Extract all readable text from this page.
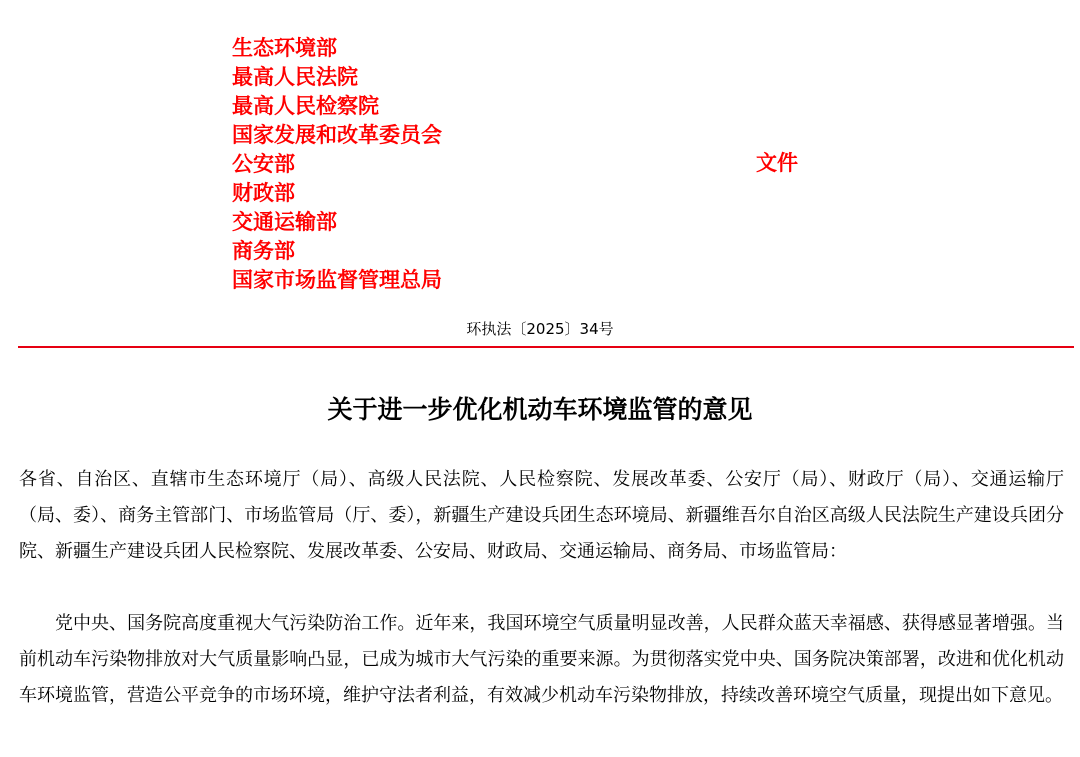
生态环境部
最高人民法院
最高人民检察院
国家发展和改革委员会
公安部
财政部
交通运输部
商务部
国家市场监督管理总局
文件
环执法〔2025〕34号
关于进一步优化机动车环境监管的意见

各省、自治区、直辖市生态环境厅（局）、高级人民法院、人民检察院、发展改革委、公安厅（局）、财政厅（局）、交通运输厅（局、委）、商务主管部门、市场监管局（厅、委），新疆生产建设兵团生态环境局、新疆维吾尔自治区高级人民法院生产建设兵团分院、新疆生产建设兵团人民检察院、发展改革委、公安局、财政局、交通运输局、商务局、市场监管局：

党中央、国务院高度重视大气污染防治工作。近年来，我国环境空气质量明显改善，人民群众蓝天幸福感、获得感显著增强。当前机动车污染物排放对大气质量影响凸显，已成为城市大气污染的重要来源。为贯彻落实党中央、国务院决策部署，改进和优化机动车环境监管，营造公平竞争的市场环境，维护守法者利益，有效减少机动车污染物排放，持续改善环境空气质量，现提出如下意见。
